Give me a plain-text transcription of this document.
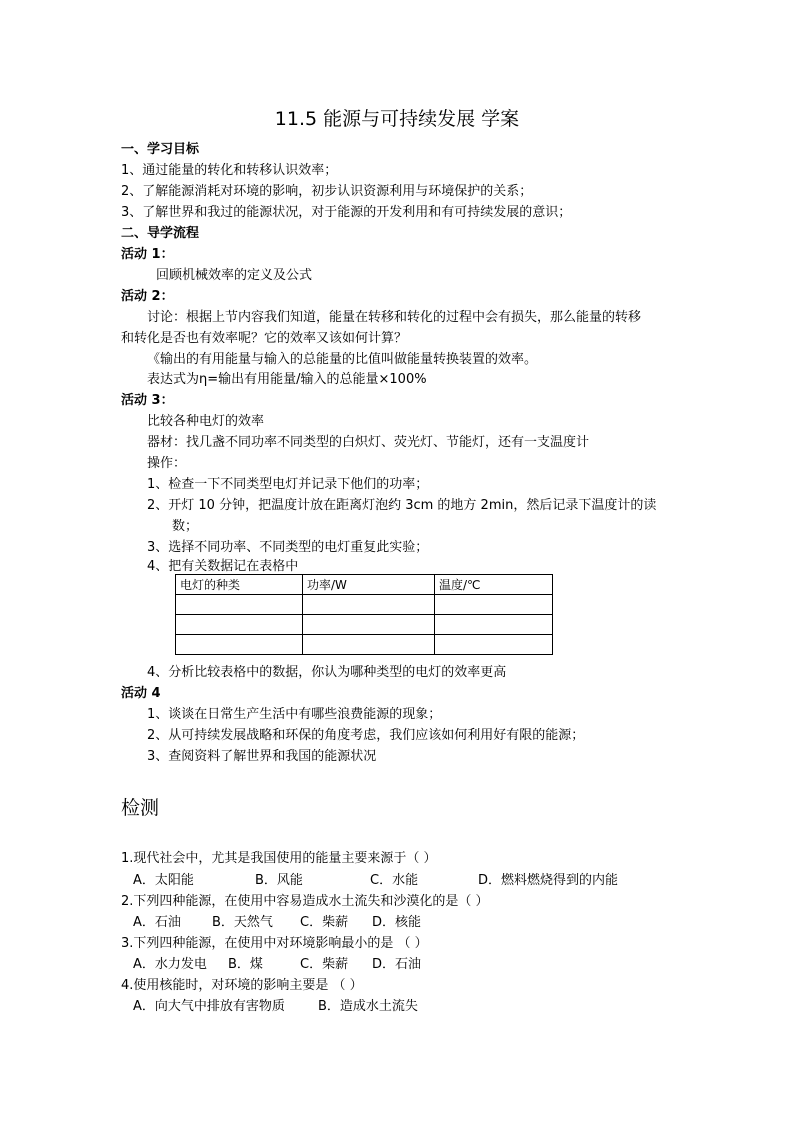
11.5 能源与可持续发展 学案
一、学习目标
1、通过能量的转化和转移认识效率；
2、了解能源消耗对环境的影响，初步认识资源利用与环境保护的关系；
3、了解世界和我过的能源状况，对于能源的开发利用和有可持续发展的意识；
二、导学流程
活动 1：
回顾机械效率的定义及公式
活动 2：
讨论：根据上节内容我们知道，能量在转移和转化的过程中会有损失，那么能量的转移
和转化是否也有效率呢？它的效率又该如何计算？
《输出的有用能量与输入的总能量的比值叫做能量转换装置的效率。
表达式为η=输出有用能量/输入的总能量×100%
活动 3：
比较各种电灯的效率
器材：找几盏不同功率不同类型的白炽灯、荧光灯、节能灯，还有一支温度计
操作：
1、检查一下不同类型电灯并记录下他们的功率；
2、开灯 10 分钟，把温度计放在距离灯泡约 3cm 的地方 2min，然后记录下温度计的读
数；
3、选择不同功率、不同类型的电灯重复此实验；
4、把有关数据记在表格中
电灯的种类	功率/W	温度/℃

4、分析比较表格中的数据，你认为哪种类型的电灯的效率更高
活动 4
1、谈谈在日常生产生活中有哪些浪费能源的现象；
2、从可持续发展战略和环保的角度考虑，我们应该如何利用好有限的能源；
3、查阅资料了解世界和我国的能源状况
检测
1.现代社会中，尤其是我国使用的能量主要来源于（ ）
A．太阳能	B．风能	C．水能	D．燃料燃烧得到的内能
2.下列四种能源，在使用中容易造成水土流失和沙漠化的是（ ）
A．石油 B．天然气 C．柴薪 D．核能
3.下列四种能源，在使用中对环境影响最小的是 （ ）
A．水力发电 B．煤	C．柴薪 D．石油
4.使用核能时，对环境的影响主要是 （ ）
A．向大气中排放有害物质	B．造成水土流失
